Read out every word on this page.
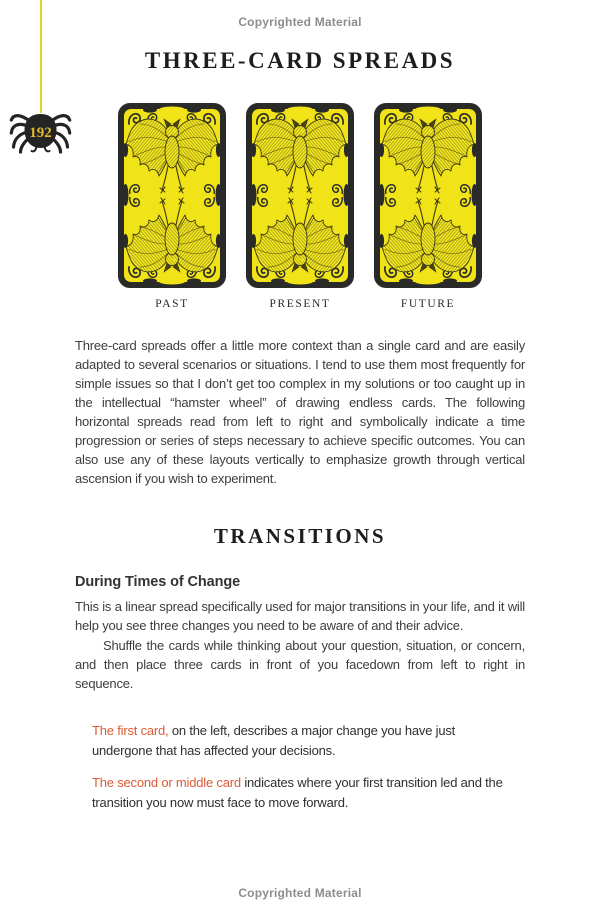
Copyrighted Material
192
THREE-CARD SPREADS
PAST	PRESENT	FUTURE

Three-card spreads offer a little more context than a single card and are easily adapted to several scenarios or situations. I tend to use them most frequently for simple issues so that I don’t get too complex in my solutions or too caught up in the intellectual “hamster wheel” of drawing endless cards. The following horizontal spreads read from left to right and symbolically indicate a time progression or series of steps necessary to achieve specific outcomes. You can also use any of these layouts vertically to emphasize growth through vertical ascension if you wish to experiment.

TRANSITIONS
During Times of Change

This is a linear spread specifically used for major transitions in your life, and it will help you see three changes you need to be aware of and their advice.

Shuffle the cards while thinking about your question, situation, or concern, and then place three cards in front of you facedown from left to right in sequence.

The first card, on the left, describes a major change you have just undergone that has affected your decisions.

The second or middle card indicates where your first transition led and the transition you now must face to move forward.

Copyrighted Material
